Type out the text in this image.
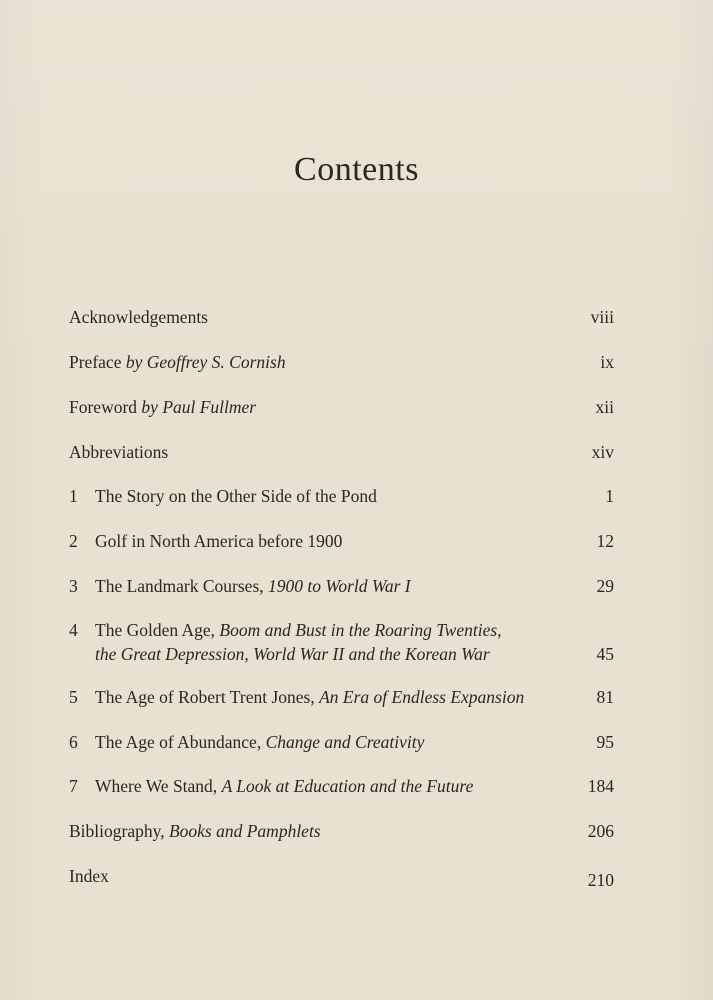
Contents
Acknowledgements	viii
Preface by Geoffrey S. Cornish	ix
Foreword by Paul Fullmer	xii
Abbreviations	xiv
1 The Story on the Other Side of the Pond	1
2 Golf in North America before 1900	12
3 The Landmark Courses, 1900 to World War I	29
4 The Golden Age, Boom and Bust in the Roaring Twenties,
the Great Depression, World War II and the Korean War	45
5 The Age of Robert Trent Jones, An Era of Endless Expansion	81
6 The Age of Abundance, Change and Creativity	95
7 Where We Stand, A Look at Education and the Future	184
Bibliography, Books and Pamphlets	206
Index	210
